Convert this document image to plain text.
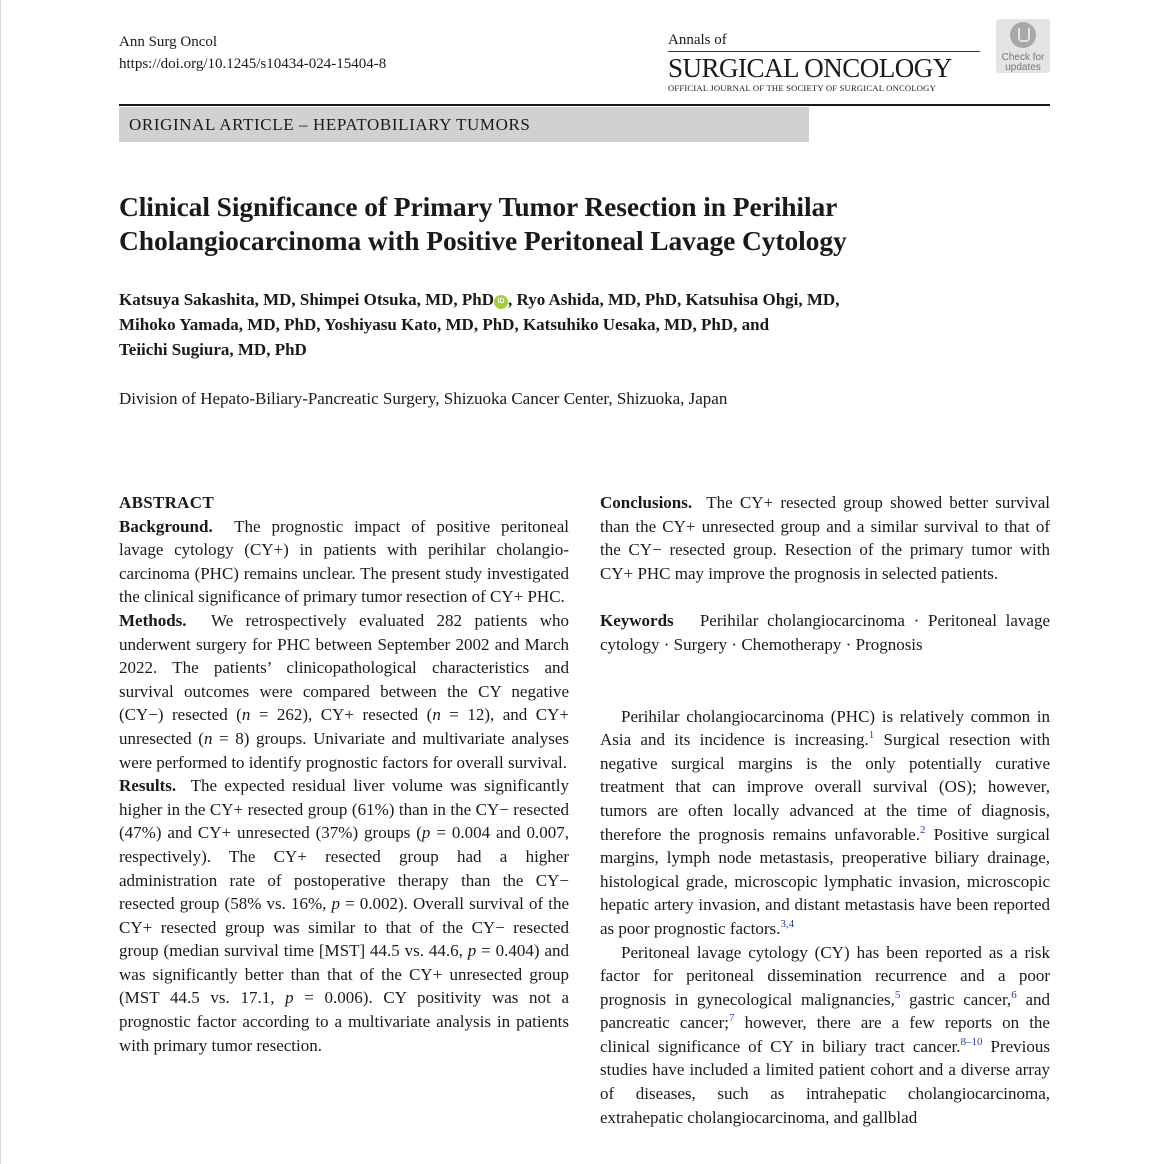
Ann Surg Oncol
https://doi.org/10.1245/s10434-024-15404-8
Annals of
SURGICAL ONCOLOGY
OFFICIAL JOURNAL OF THE SOCIETY OF SURGICAL ONCOLOGY
Check for
updates
ORIGINAL ARTICLE – HEPATOBILIARY TUMORS
Clinical Significance of Primary Tumor Resection in Perihilar Cholangiocarcinoma with Positive Peritoneal Lavage Cytology
Katsuya Sakashita, MD, Shimpei Otsuka, MD, PhD iD , Ryo Ashida, MD, PhD, Katsuhisa Ohgi, MD,
Mihoko Yamada, MD, PhD, Yoshiyasu Kato, MD, PhD, Katsuhiko Uesaka, MD, PhD, and
Teiichi Sugiura, MD, PhD
Division of Hepato-Biliary-Pancreatic Surgery, Shizuoka Cancer Center, Shizuoka, Japan

ABSTRACT

Background. The prognostic impact of positive peritoneal lavage cytology (CY+) in patients with perihilar cholangiocarcinoma (PHC) remains unclear. The present study investigated the clinical significance of primary tumor resection of CY+ PHC.

Methods. We retrospectively evaluated 282 patients who underwent surgery for PHC between September 2002 and March 2022. The patients’ clinicopathological characteristics and survival outcomes were compared between the CY negative (CY−) resected (n = 262), CY+ resected (n = 12), and CY+ unresected (n = 8) groups. Univariate and multivariate analyses were performed to identify prognostic factors for overall survival.

Results. The expected residual liver volume was significantly higher in the CY+ resected group (61%) than in the CY− resected (47%) and CY+ unresected (37%) groups (p = 0.004 and 0.007, respectively). The CY+ resected group had a higher administration rate of postoperative therapy than the CY− resected group (58% vs. 16%, p = 0.002). Overall survival of the CY+ resected group was similar to that of the CY− resected group (median survival time [MST] 44.5 vs. 44.6, p = 0.404) and was significantly better than that of the CY+ unresected group (MST 44.5 vs. 17.1, p = 0.006). CY positivity was not a prognostic factor according to a multivariate analysis in patients with primary tumor resection.

Conclusions. The CY+ resected group showed better survival than the CY+ unresected group and a similar survival to that of the CY− resected group. Resection of the primary tumor with CY+ PHC may improve the prognosis in selected patients.

Keywords Perihilar cholangiocarcinoma · Peritoneal lavage cytology · Surgery · Chemotherapy · Prognosis

Perihilar cholangiocarcinoma (PHC) is relatively common in Asia and its incidence is increasing.$^1$ Surgical resection with negative surgical margins is the only potentially curative treatment that can improve overall survival (OS); however, tumors are often locally advanced at the time of diagnosis, therefore the prognosis remains unfavorable.$^2$ Positive surgical margins, lymph node metastasis, preoperative biliary drainage, histological grade, microscopic lymphatic invasion, microscopic hepatic artery invasion, and distant metastasis have been reported as poor prognostic factors.$^{3,4}$

Peritoneal lavage cytology (CY) has been reported as a risk factor for peritoneal dissemination recurrence and a poor prognosis in gynecological malignancies,$^5$ gastric cancer,$^6$ and pancreatic cancer;$^7$ however, there are a few reports on the clinical significance of CY in biliary tract cancer.$^{8-10}$ Previous studies have included a limited patient cohort and a diverse array of diseases, such as intrahepatic cholangiocarcinoma, extrahepatic cholangiocarcinoma, and gallblad
